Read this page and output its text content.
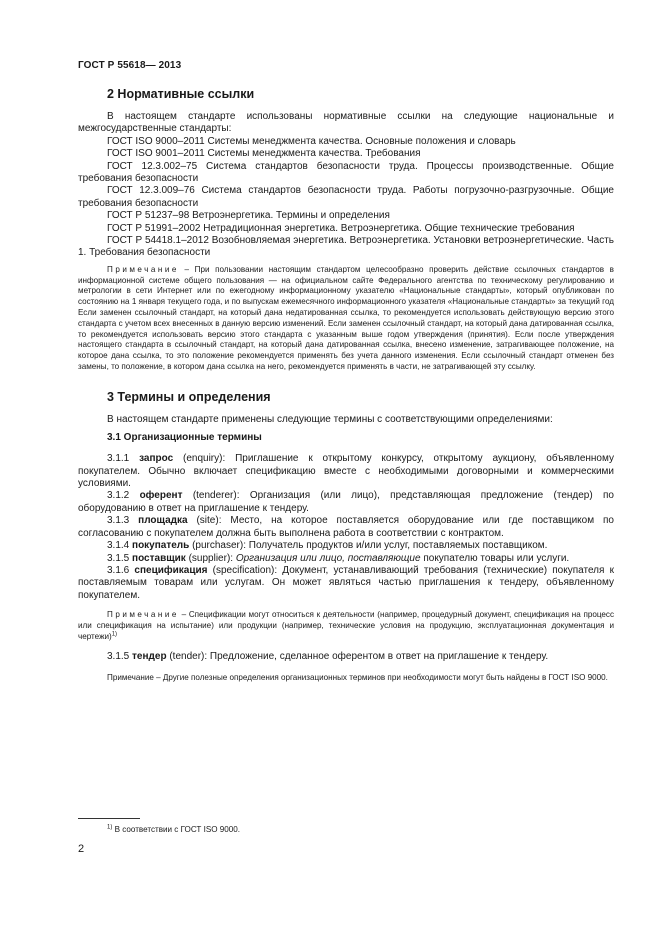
ГОСТ Р 55618— 2013
2 Нормативные ссылки

В настоящем стандарте использованы нормативные ссылки на следующие национальные и межгосударственные стандарты:

ГОСТ ISO 9000–2011 Системы менеджмента качества. Основные положения и словарь

ГОСТ ISO 9001–2011 Системы менеджмента качества. Требования

ГОСТ 12.3.002–75 Система стандартов безопасности труда. Процессы производственные. Общие требования безопасности

ГОСТ 12.3.009–76 Система стандартов безопасности труда. Работы погрузочно-разгрузочные. Общие требования безопасности

ГОСТ Р 51237–98 Ветроэнергетика. Термины и определения

ГОСТ Р 51991–2002 Нетрадиционная энергетика. Ветроэнергетика. Общие технические требования

ГОСТ Р 54418.1–2012 Возобновляемая энергетика. Ветроэнергетика. Установки ветроэнергетические. Часть 1. Требования безопасности

Примечание – При пользовании настоящим стандартом целесообразно проверить действие ссылочных стандартов в информационной системе общего пользования — на официальном сайте Федерального агентства по техническому регулированию и метрологии в сети Интернет или по ежегодному информационному указателю «Национальные стандарты», который опубликован по состоянию на 1 января текущего года, и по выпускам ежемесячного информационного указателя «Национальные стандарты» за текущий год Если заменен ссылочный стандарт, на который дана недатированная ссылка, то рекомендуется использовать действующую версию этого стандарта с учетом всех внесенных в данную версию изменений. Если заменен ссылочный стандарт, на который дана датированная ссылка, то рекомендуется использовать версию этого стандарта с указанным выше годом утверждения (принятия). Если после утверждения настоящего стандарта в ссылочный стандарт, на который дана датированная ссылка, внесено изменение, затрагивающее положение, на которое дана ссылка, то это положение рекомендуется применять без учета данного изменения. Если ссылочный стандарт отменен без замены, то положение, в котором дана ссылка на него, рекомендуется применять в части, не затрагивающей эту ссылку.
3 Термины и определения

В настоящем стандарте применены следующие термины с соответствующими определениями:

3.1 Организационные термины

3.1.1 запрос (enquiry): Приглашение к открытому конкурсу, открытому аукциону, объявленному покупателем. Обычно включает спецификацию вместе с необходимыми договорными и коммерческими условиями.

3.1.2 оферент (tenderer): Организация (или лицо), представляющая предложение (тендер) по оборудованию в ответ на приглашение к тендеру.

3.1.3 площадка (site): Место, на которое поставляется оборудование или где поставщиком по согласованию с покупателем должна быть выполнена работа в соответствии с контрактом.

3.1.4 покупатель (purchaser): Получатель продуктов и/или услуг, поставляемых поставщиком.

3.1.5 поставщик (supplier): Организация или лицо, поставляющие покупателю товары или услуги.

3.1.6 спецификация (specification): Документ, устанавливающий требования (технические) покупателя к поставляемым товарам или услугам. Он может являться частью приглашения к тендеру, объявленному покупателем.

Примечание – Спецификации могут относиться к деятельности (например, процедурный документ, спецификация на процесс или спецификация на испытание) или продукции (например, технические условия на продукцию, эксплуатационная документация и чертежи)$^{1)}$

3.1.5 тендер (tender): Предложение, сделанное оферентом в ответ на приглашение к тендеру.

Примечание – Другие полезные определения организационных терминов при необходимости могут быть найдены в ГОСТ ISO 9000.
$^{1)}$ В соответствии с ГОСТ ISO 9000.
2
